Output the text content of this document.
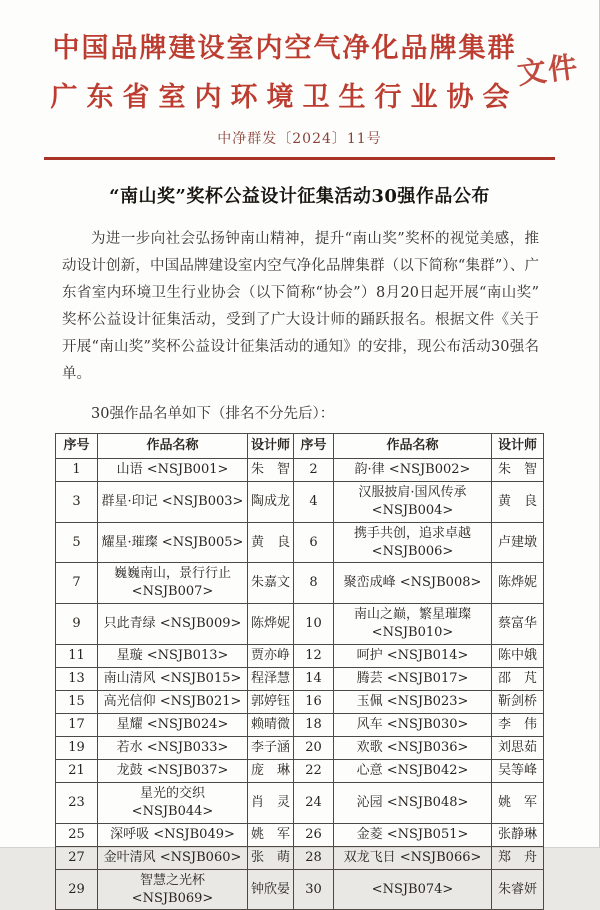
中国品牌建设室内空气净化品牌集群
广东省室内环境卫生行业协会
文件
中净群发〔2024〕11号
“南山奖”奖杯公益设计征集活动30强作品公布

为进一步向社会弘扬钟南山精神，提升“南山奖”奖杯的视觉美感，推动设计创新，中国品牌建设室内空气净化品牌集群（以下简称“集群”）、广东省室内环境卫生行业协会（以下简称“协会”）8月20日起开展“南山奖”奖杯公益设计征集活动，受到了广大设计师的踊跃报名。根据文件《关于开展“南山奖”奖杯公益设计征集活动的通知》的安排，现公布活动30强名单。

30强作品名单如下（排名不分先后）：

序号	作品名称	设计师	序号	作品名称	设计师
1	山语 <NSJB001>	朱　智	2	韵·律 <NSJB002>	朱　智
3	群星·印记 <NSJB003>	陶成龙	4	汉服披肩·国风传承 <NSJB004>	黄　良
5	耀星·璀璨 <NSJB005>	黄　良	6	携手共创，追求卓越 <NSJB006>	卢建墩
7	巍巍南山，景行行止 <NSJB007>	朱嘉文	8	聚峦成峰 <NSJB008>	陈烨妮
9	只此青绿 <NSJB009>	陈烨妮	10	南山之巅，繁星璀璨 <NSJB010>	蔡富华
11	星璇 <NSJB013>	贾亦峥	12	呵护 <NSJB014>	陈中娥
13	南山清风 <NSJB015>	程泽慧	14	腾芸 <NSJB017>	邵　芃
15	高光信仰 <NSJB021>	郭婷钰	16	玉佩 <NSJB023>	靳剑桥
17	星耀 <NSJB024>	赖晴微	18	风车 <NSJB030>	李　伟
19	若水 <NSJB033>	李子涵	20	欢歌 <NSJB036>	刘思茹
21	龙鼓 <NSJB037>	庞　琳	22	心意 <NSJB042>	吴等峰
23	星光的交织 <NSJB044>	肖　灵	24	沁园 <NSJB048>	姚　军
25	深呼吸 <NSJB049>	姚　军	26	金菱 <NSJB051>	张静琳
27	金叶清风 <NSJB060>	张　萌	28	双龙飞日 <NSJB066>	郑　舟
29	智慧之光杯 <NSJB069>	钟欣晏	30	<NSJB074>	朱睿妍
